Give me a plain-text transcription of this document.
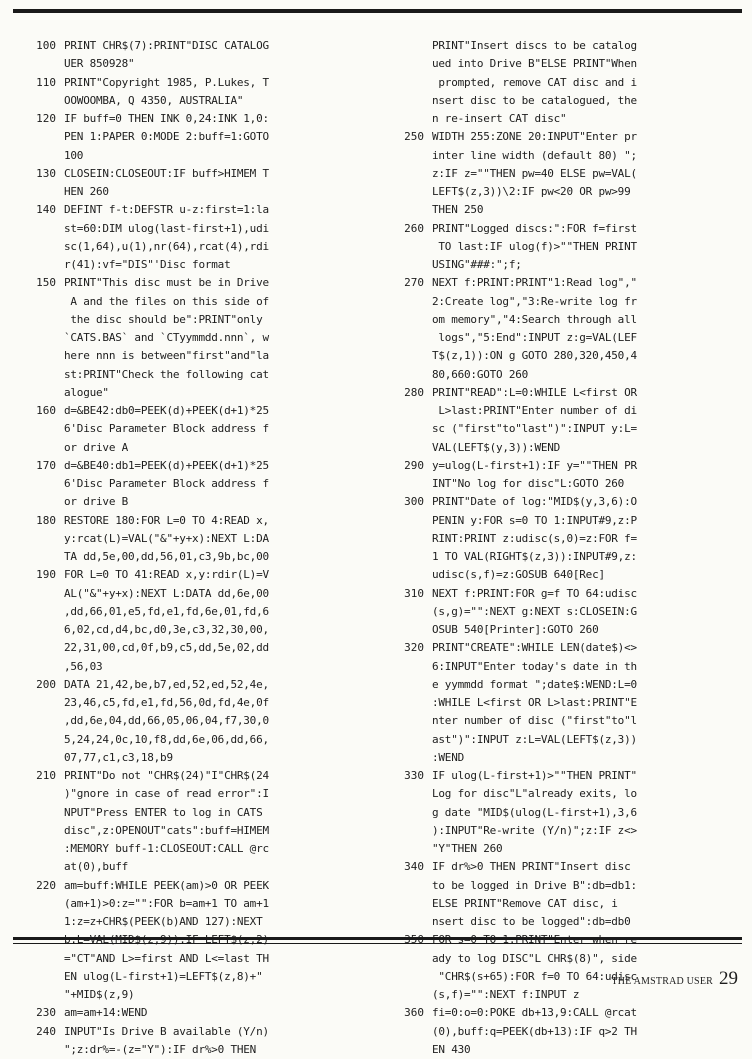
100 PRINT CHR$(7):PRINT"DISC CATALOG
UER 850928"
110 PRINT"Copyright 1985, P.Lukes, T
OOWOOMBA, Q 4350, AUSTRALIA"
120 IF buff=0 THEN INK 0,24:INK 1,0:
PEN 1:PAPER 0:MODE 2:buff=1:GOTO
100
130 CLOSEIN:CLOSEOUT:IF buff>HIMEM T
HEN 260
140 DEFINT f-t:DEFSTR u-z:first=1:la
st=60:DIM ulog(last-first+1),udi
sc(1,64),u(1),nr(64),rcat(4),rdi
r(41):vf="DIS"'Disc format
150 PRINT"This disc must be in Drive
A and the files on this side of
the disc should be":PRINT"only
`CATS.BAS` and `CTyymmdd.nnn`, w
here nnn is between"first"and"la
st:PRINT"Check the following cat
alogue"
160 d=&BE42:db0=PEEK(d)+PEEK(d+1)*25
6'Disc Parameter Block address f
or drive A
170 d=&BE40:db1=PEEK(d)+PEEK(d+1)*25
6'Disc Parameter Block address f
or drive B
180 RESTORE 180:FOR L=0 TO 4:READ x,
y:rcat(L)=VAL("&"+y+x):NEXT L:DA
TA dd,5e,00,dd,56,01,c3,9b,bc,00
190 FOR L=0 TO 41:READ x,y:rdir(L)=V
AL("&"+y+x):NEXT L:DATA dd,6e,00
,dd,66,01,e5,fd,e1,fd,6e,01,fd,6
6,02,cd,d4,bc,d0,3e,c3,32,30,00,
22,31,00,cd,0f,b9,c5,dd,5e,02,dd
,56,03
200 DATA 21,42,be,b7,ed,52,ed,52,4e,
23,46,c5,fd,e1,fd,56,0d,fd,4e,0f
,dd,6e,04,dd,66,05,06,04,f7,30,0
5,24,24,0c,10,f8,dd,6e,06,dd,66,
07,77,c1,c3,18,b9
210 PRINT"Do not "CHR$(24)"I"CHR$(24
)"gnore in case of read error":I
NPUT"Press ENTER to log in CATS
disc",z:OPENOUT"cats":buff=HIMEM
:MEMORY buff-1:CLOSEOUT:CALL @rc
at(0),buff
220 am=buff:WHILE PEEK(am)>0 OR PEEK
(am+1)>0:z="":FOR b=am+1 TO am+1
1:z=z+CHR$(PEEK(b)AND 127):NEXT
="CT"AND L>=first AND L<=last TH
EN ulog(L-first+1)=LEFT$(z,8)+"
"+MID$(z,9)
230 am=am+14:WEND
240 INPUT"Is Drive B available (Y/n)
";z:dr%=-(z="Y"):IF dr%>0 THEN
PRINT"Insert discs to be catalog
ued into Drive B"ELSE PRINT"When
prompted, remove CAT disc and i
nsert disc to be catalogued, the
n re-insert CAT disc"
250 WIDTH 255:ZONE 20:INPUT"Enter pr
inter line width (default 80) ";
z:IF z=""THEN pw=40 ELSE pw=VAL(
LEFT$(z,3))\2:IF pw<20 OR pw>99
THEN 250
260 PRINT"Logged discs:":FOR f=first
TO last:IF ulog(f)>""THEN PRINT
USING"###:";f;
270 NEXT f:PRINT:PRINT"1:Read log","
2:Create log","3:Re-write log fr
om memory","4:Search through all
logs","5:End":INPUT z:g=VAL(LEF
T$(z,1)):ON g GOTO 280,320,450,4
80,660:GOTO 260
280 PRINT"READ":L=0:WHILE L<first OR
L>last:PRINT"Enter number of di
sc ("first"to"last")":INPUT y:L=
VAL(LEFT$(y,3)):WEND
290 y=ulog(L-first+1):IF y=""THEN PR
INT"No log for disc"L:GOTO 260
300 PRINT"Date of log:"MID$(y,3,6):O
PENIN y:FOR s=0 TO 1:INPUT#9,z:P
RINT:PRINT z:udisc(s,0)=z:FOR f=
1 TO VAL(RIGHT$(z,3)):INPUT#9,z:
udisc(s,f)=z:GOSUB 640[Rec]
310 NEXT f:PRINT:FOR g=f TO 64:udisc
(s,g)="":NEXT g:NEXT s:CLOSEIN:G
OSUB 540[Printer]:GOTO 260
320 PRINT"CREATE":WHILE LEN(date$)<>
6:INPUT"Enter today's date in th
e yymmdd format ";date$:WEND:L=0
:WHILE L<first OR L>last:PRINT"E
nter number of disc ("first"to"l
ast")":INPUT z:L=VAL(LEFT$(z,3))
:WEND
330 IF ulog(L-first+1)>""THEN PRINT"
Log for disc"L"already exits, lo
g date "MID$(ulog(L-first+1),3,6
):INPUT"Re-write (Y/n)";z:IF z<>
"Y"THEN 260
340 IF dr%>0 THEN PRINT"Insert disc
to be logged in Drive B":db=db1:
ELSE PRINT"Remove CAT disc, i
nsert disc to be logged":db=db0
ady to log DISC"L CHR$(8)", side
"CHR$(s+65):FOR f=0 TO 64:udisc
(s,f)="":NEXT f:INPUT z
360 fi=0:o=0:POKE db+13,9:CALL @rcat
(0),buff:q=PEEK(db+13):IF q>2 TH
EN 430
THE AMSTRAD USER 29
